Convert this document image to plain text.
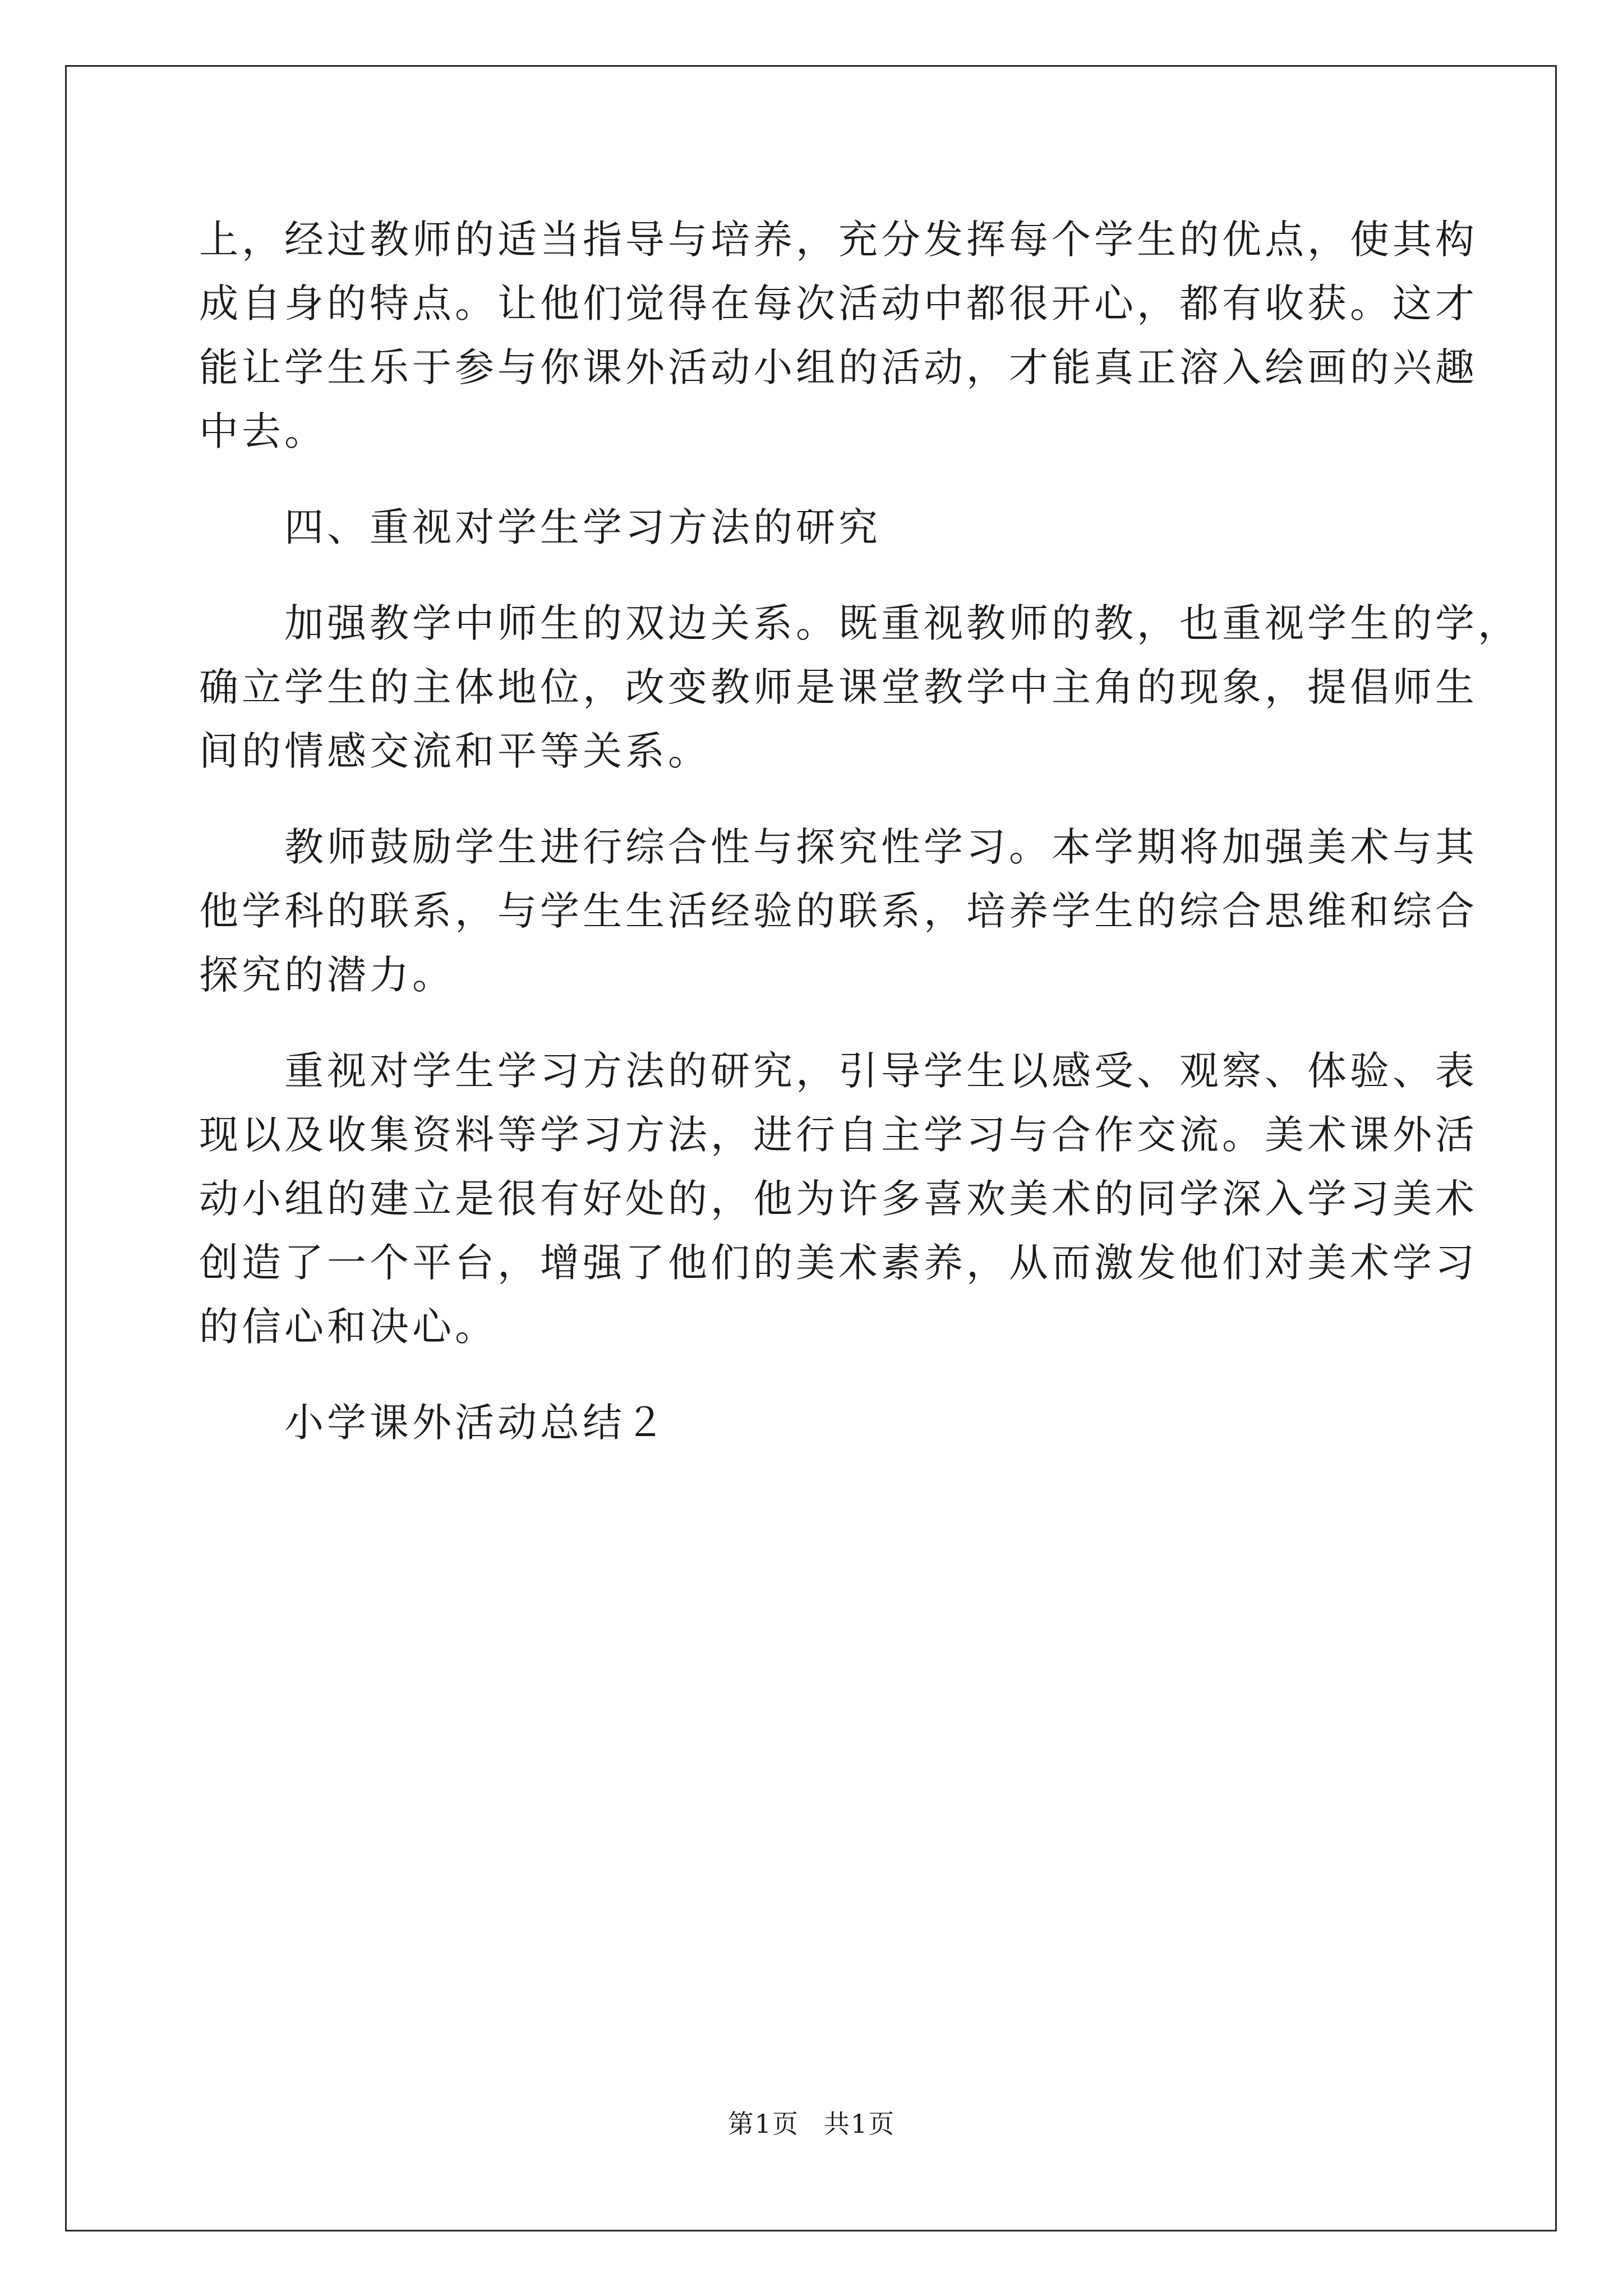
上，经过教师的适当指导与培养，充分发挥每个学生的优点，使其构
成自身的特点。让他们觉得在每次活动中都很开心，都有收获。这才
能让学生乐于参与你课外活动小组的活动，才能真正溶入绘画的兴趣
中去。
四、重视对学生学习方法的研究
加强教学中师生的双边关系。既重视教师的教，也重视学生的学，
确立学生的主体地位，改变教师是课堂教学中主角的现象，提倡师生
间的情感交流和平等关系。
教师鼓励学生进行综合性与探究性学习。本学期将加强美术与其
他学科的联系，与学生生活经验的联系，培养学生的综合思维和综合
探究的潜力。
重视对学生学习方法的研究，引导学生以感受、观察、体验、表
现以及收集资料等学习方法，进行自主学习与合作交流。美术课外活
动小组的建立是很有好处的，他为许多喜欢美术的同学深入学习美术
创造了一个平台，增强了他们的美术素养，从而激发他们对美术学习
的信心和决心。
小学课外活动总结２
第1页 共1页
